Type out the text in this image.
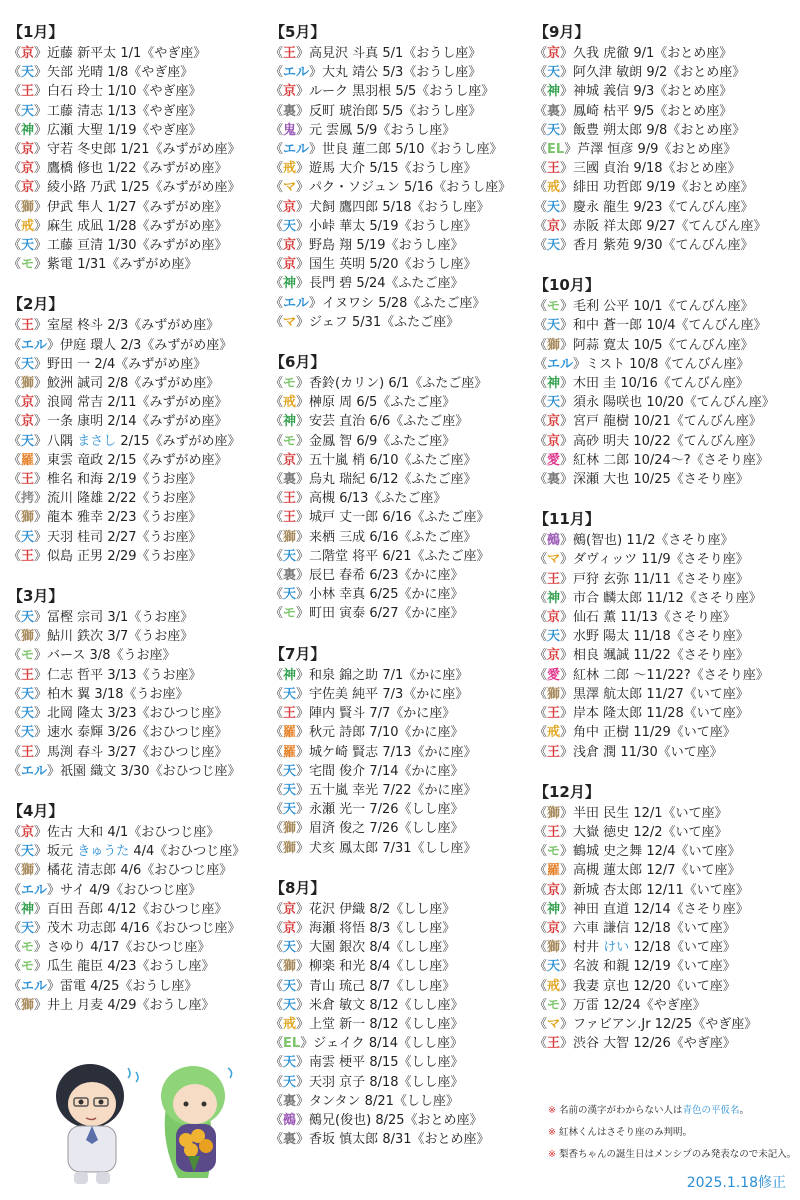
【1月】
《京》近藤 新平太 1/1《やぎ座》
《天》矢部 光晴 1/8《やぎ座》
《王》白石 玲士 1/10《やぎ座》
《天》工藤 清志 1/13《やぎ座》
《神》広瀬 大聖 1/19《やぎ座》
《京》守若 冬史郎 1/21《みずがめ座》
《京》鷹橋 修也 1/22《みずがめ座》
《京》綾小路 乃武 1/25《みずがめ座》
《獅》伊武 隼人 1/27《みずがめ座》
《戒》麻生 成凪 1/28《みずがめ座》
《天》工藤 亘清 1/30《みずがめ座》
《モ》紫電 1/31《みずがめ座》
【2月】
《王》室屋 柊斗 2/3《みずがめ座》
《エル》伊庭 環人 2/3《みずがめ座》
《天》野田 一 2/4《みずがめ座》
《獅》鮫洲 誠司 2/8《みずがめ座》
《京》浪岡 常吉 2/11《みずがめ座》
《京》一条 康明 2/14《みずがめ座》
《天》八隅 まさし 2/15《みずがめ座》
《羅》東雲 竜政 2/15《みずがめ座》
《王》椎名 和海 2/19《うお座》
《拷》流川 隆雄 2/22《うお座》
《獅》龍本 雅幸 2/23《うお座》
《天》天羽 桂司 2/27《うお座》
《王》似島 正男 2/29《うお座》
【3月】
《天》冨樫 宗司 3/1《うお座》
《獅》鮎川 鉄次 3/7《うお座》
《モ》バース 3/8《うお座》
《王》仁志 哲平 3/13《うお座》
《天》柏木 翼 3/18《うお座》
《天》北岡 隆太 3/23《おひつじ座》
《天》速水 泰輝 3/26《おひつじ座》
《王》馬渕 春斗 3/27《おひつじ座》
《エル》祇園 織文 3/30《おひつじ座》
【4月】
《京》佐古 大和 4/1《おひつじ座》
《天》坂元 きゅうた 4/4《おひつじ座》
《獅》橘花 清志郎 4/6《おひつじ座》
《エル》サイ 4/9《おひつじ座》
《神》百田 吾郎 4/12《おひつじ座》
《天》茂木 功志郎 4/16《おひつじ座》
《モ》さゆり 4/17《おひつじ座》
《モ》瓜生 龍臣 4/23《おうし座》
《エル》雷電 4/25《おうし座》
《獅》井上 月麦 4/29《おうし座》
【5月】
《王》高見沢 斗真 5/1《おうし座》
《エル》大丸 靖公 5/3《おうし座》
《京》ルーク 黒羽根 5/5《おうし座》
《裏》反町 琥治郎 5/5《おうし座》
《鬼》元 雲鳳 5/9《おうし座》
《エル》世良 蓮二郎 5/10《おうし座》
《戒》遊馬 大介 5/15《おうし座》
《マ》パク・ソジュン 5/16《おうし座》
《京》犬飼 鷹四郎 5/18《おうし座》
《天》小峠 華太 5/19《おうし座》
《京》野島 翔 5/19《おうし座》
《京》国生 英明 5/20《おうし座》
《神》長門 碧 5/24《ふたご座》
《エル》イヌワシ 5/28《ふたご座》
《マ》ジェフ 5/31《ふたご座》
【6月】
《モ》香鈴(カリン) 6/1《ふたご座》
《戒》榊原 周 6/5《ふたご座》
《神》安芸 直治 6/6《ふたご座》
《モ》金鳳 智 6/9《ふたご座》
《京》五十嵐 梢 6/10《ふたご座》
《裏》烏丸 瑞紀 6/12《ふたご座》
《王》高槻 6/13《ふたご座》
《王》城戸 丈一郎 6/16《ふたご座》
《獅》来栖 三成 6/16《ふたご座》
《天》二階堂 将平 6/21《ふたご座》
《裏》辰巳 春希 6/23《かに座》
《天》小林 幸真 6/25《かに座》
《モ》町田 寅泰 6/27《かに座》
【7月】
《神》和泉 錦之助 7/1《かに座》
《天》宇佐美 純平 7/3《かに座》
《王》陣内 賢斗 7/7《かに座》
《羅》秋元 詩郎 7/10《かに座》
《羅》城ケ崎 賢志 7/13《かに座》
《天》宅間 俊介 7/14《かに座》
《天》五十嵐 幸光 7/22《かに座》
《天》永瀬 光一 7/26《しし座》
《獅》眉済 俊之 7/26《しし座》
《獅》犬亥 鳳太郎 7/31《しし座》
【8月】
《京》花沢 伊織 8/2《しし座》
《京》海瀬 将悟 8/3《しし座》
《天》大園 銀次 8/4《しし座》
《獅》柳楽 和光 8/4《しし座》
《天》青山 琉己 8/7《しし座》
《天》米倉 敏文 8/12《しし座》
《戒》上堂 新一 8/12《しし座》
《EL》ジェイク 8/14《しし座》
《天》南雲 梗平 8/15《しし座》
《天》天羽 京子 8/18《しし座》
《裏》タンタン 8/21《しし座》
《鵺》鵺兄(俊也) 8/25《おとめ座》
《裏》香坂 慎太郎 8/31《おとめ座》
【9月】
《京》久我 虎徹 9/1《おとめ座》
《天》阿久津 敏朗 9/2《おとめ座》
《神》神城 義信 9/3《おとめ座》
《裏》鳳崎 枯平 9/5《おとめ座》
《天》飯豊 朔太郎 9/8《おとめ座》
《EL》芦澤 恒彦 9/9《おとめ座》
《王》三國 貞治 9/18《おとめ座》
《戒》緋田 功哲郎 9/19《おとめ座》
《天》慶永 龍生 9/23《てんびん座》
《京》赤阪 祥太郎 9/27《てんびん座》
《天》香月 紫苑 9/30《てんびん座》
【10月】
《モ》毛利 公平 10/1《てんびん座》
《天》和中 蒼一郎 10/4《てんびん座》
《獅》阿蒜 寛太 10/5《てんびん座》
《エル》ミスト 10/8《てんびん座》
《神》木田 圭 10/16《てんびん座》
《天》須永 陽咲也 10/20《てんびん座》
《京》宮戸 龍樹 10/21《てんびん座》
《京》高砂 明夫 10/22《てんびん座》
《愛》紅林 二郎 10/24～?《さそり座》
《裏》深瀬 大也 10/25《さそり座》
【11月】
《鵺》鵺(智也) 11/2《さそり座》
《マ》ダヴィッツ 11/9《さそり座》
《王》戸狩 玄弥 11/11《さそり座》
《神》市合 麟太郎 11/12《さそり座》
《京》仙石 薫 11/13《さそり座》
《天》水野 陽太 11/18《さそり座》
《京》相良 颯誠 11/22《さそり座》
《愛》紅林 二郎 ～11/22?《さそり座》
《獅》黒澤 航太郎 11/27《いて座》
《王》岸本 隆太郎 11/28《いて座》
《戒》角中 正樹 11/29《いて座》
《王》浅倉 潤 11/30《いて座》
【12月】
《獅》半田 民生 12/1《いて座》
《王》大嶽 徳史 12/2《いて座》
《モ》鶴城 史之舞 12/4《いて座》
《羅》高槻 蓮太郎 12/7《いて座》
《京》新城 杏太郎 12/11《いて座》
《神》神田 直道 12/14《さそり座》
《京》六車 謙信 12/18《いて座》
《獅》村井 けい 12/18《いて座》
《天》名波 和親 12/19《いて座》
《戒》我妻 京也 12/20《いて座》
《モ》万雷 12/24《やぎ座》
《マ》ファビアン.Jr 12/25《やぎ座》
《王》渋谷 大智 12/26《やぎ座》
※ 名前の漢字がわからない人は青色の平仮名。
※ 紅林くんはさそり座のみ判明。
※ 梨香ちゃんの誕生日はメンシプのみ発表なので未記入。
2025.1.18修正
